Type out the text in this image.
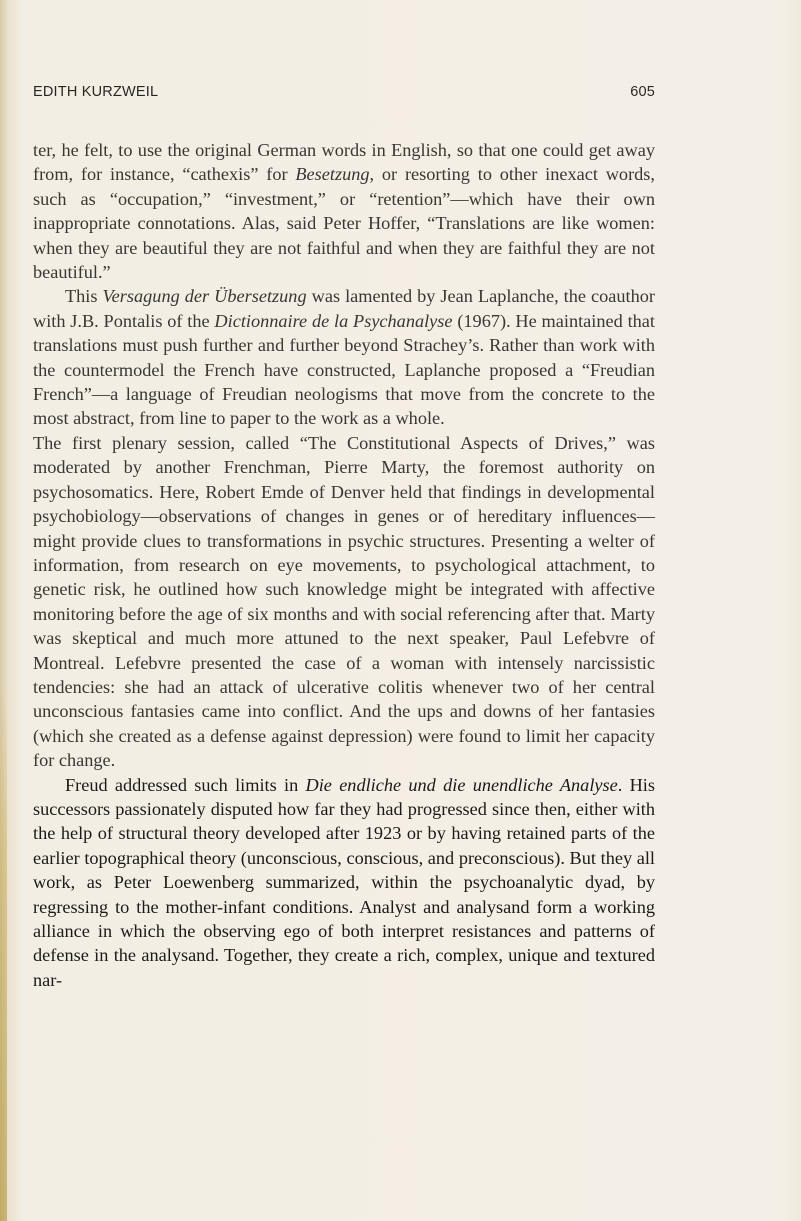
EDITH KURZWEIL	605

ter, he felt, to use the original German words in English, so that one could get away from, for instance, “cathexis” for Besetzung, or resorting to other inexact words, such as “occupation,” “investment,” or “retention”—which have their own inappropriate connotations. Alas, said Peter Hoffer, “Translations are like women: when they are beautiful they are not faithful and when they are faithful they are not beautiful.”

This Versagung der Übersetzung was lamented by Jean Laplanche, the coauthor with J.B. Pontalis of the Dictionnaire de la Psychanalyse (1967). He maintained that translations must push further and further beyond Strachey’s. Rather than work with the countermodel the French have constructed, Laplanche proposed a “Freudian French”—a language of Freudian neologisms that move from the concrete to the most abstract, from line to paper to the work as a whole.

The first plenary session, called “The Constitutional Aspects of Drives,” was moderated by another Frenchman, Pierre Marty, the foremost authority on psychosomatics. Here, Robert Emde of Denver held that findings in developmental psychobiology—observations of changes in genes or of hereditary influences—might provide clues to transformations in psychic structures. Presenting a welter of information, from research on eye movements, to psychological attachment, to genetic risk, he outlined how such knowledge might be integrated with affective monitoring before the age of six months and with social referencing after that. Marty was skeptical and much more attuned to the next speaker, Paul Lefebvre of Montreal. Lefebvre presented the case of a woman with intensely narcissistic tendencies: she had an attack of ulcerative colitis whenever two of her central unconscious fantasies came into conflict. And the ups and downs of her fantasies (which she created as a defense against depression) were found to limit her capacity for change.

Freud addressed such limits in Die endliche und die unendliche Analyse. His successors passionately disputed how far they had progressed since then, either with the help of structural theory developed after 1923 or by having retained parts of the earlier topographical theory (unconscious, conscious, and preconscious). But they all work, as Peter Loewenberg summarized, within the psychoanalytic dyad, by regressing to the mother-infant conditions. Analyst and analysand form a working alliance in which the observing ego of both interpret resistances and patterns of defense in the analysand. Together, they create a rich, complex, unique and textured nar-
